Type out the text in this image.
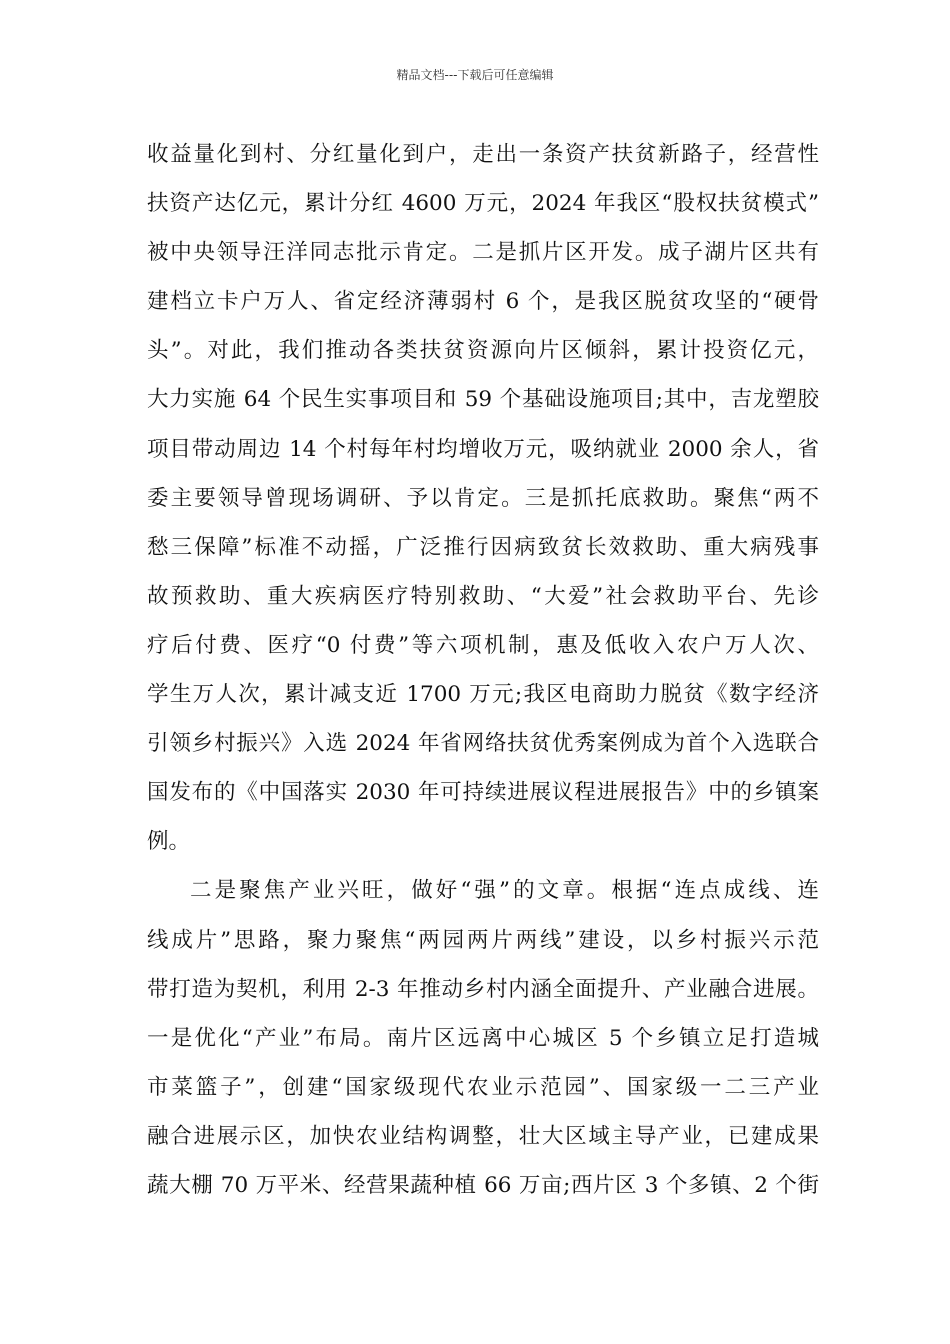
精品文档---下载后可任意编辑
收益量化到村、分红量化到户，走出一条资产扶贫新路子，经营性
扶资产达亿元，累计分红 4600 万元，2024 年我区“股权扶贫模式”
被中央领导汪洋同志批示肯定。二是抓片区开发。成子湖片区共有
建档立卡户万人、省定经济薄弱村 6 个，是我区脱贫攻坚的“硬骨
头”。对此，我们推动各类扶贫资源向片区倾斜，累计投资亿元，
大力实施 64 个民生实事项目和 59 个基础设施项目;其中，吉龙塑胶
项目带动周边 14 个村每年村均增收万元，吸纳就业 2000 余人，省
委主要领导曾现场调研、予以肯定。三是抓托底救助。聚焦“两不
愁三保障”标准不动摇，广泛推行因病致贫长效救助、重大病残事
故预救助、重大疾病医疗特别救助、“大爱”社会救助平台、先诊
疗后付费、医疗“0 付费”等六项机制，惠及低收入农户万人次、
学生万人次，累计减支近 1700 万元;我区电商助力脱贫《数字经济
引领乡村振兴》入选 2024 年省网络扶贫优秀案例成为首个入选联合
国发布的《中国落实 2030 年可持续进展议程进展报告》中的乡镇案
例。
二是聚焦产业兴旺，做好“强”的文章。根据“连点成线、连
线成片”思路，聚力聚焦“两园两片两线”建设，以乡村振兴示范
带打造为契机，利用 2-3 年推动乡村内涵全面提升、产业融合进展。
一是优化“产业”布局。南片区远离中心城区 5 个乡镇立足打造城
市菜篮子”，创建“国家级现代农业示范园”、国家级一二三产业
融合进展示区，加快农业结构调整，壮大区域主导产业，已建成果
蔬大棚 70 万平米、经营果蔬种植 66 万亩;西片区 3 个多镇、2 个街
